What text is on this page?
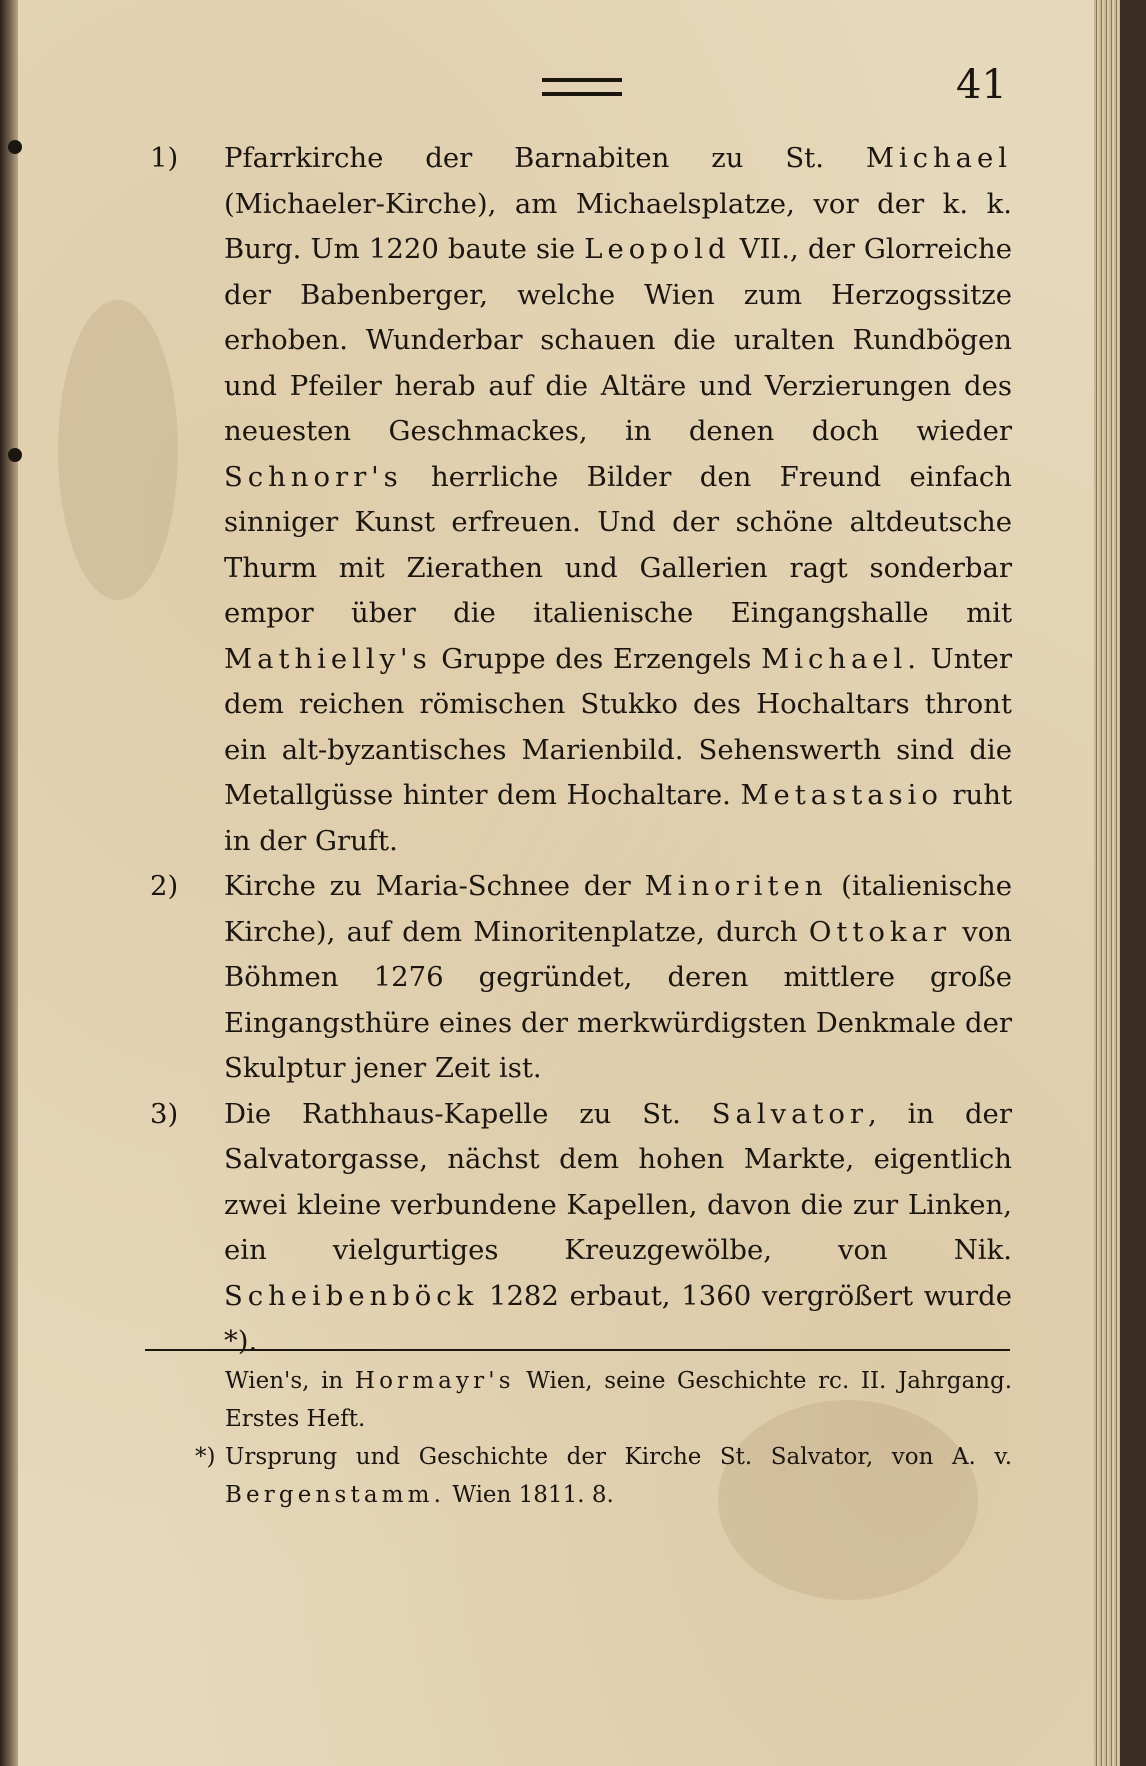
41
1)	Pfarrkirche der Barnabiten zu St. Michael (Michaeler-Kirche), am Michaelsplatze, vor der k. k. Burg. Um 1220 baute sie Leopold VII., der Glorreiche der Babenberger, welche Wien zum Herzogssitze erhoben. Wunderbar schauen die uralten Rundbögen und Pfeiler herab auf die Altäre und Verzierungen des neuesten Geschmackes, in denen doch wieder Schnorr's herrliche Bilder den Freund einfach sinniger Kunst erfreuen. Und der schöne altdeutsche Thurm mit Zierathen und Gallerien ragt sonderbar empor über die italienische Eingangshalle mit Mathielly's Gruppe des Erzengels Michael. Unter dem reichen römischen Stukko des Hochaltars thront ein alt-byzantisches Marienbild. Sehenswerth sind die Metallgüsse hinter dem Hochaltare. Metastasio ruht in der Gruft.

2)	Kirche zu Maria-Schnee der Minoriten (italienische Kirche), auf dem Minoritenplatze, durch Ottokar von Böhmen 1276 gegründet, deren mittlere große Eingangsthüre eines der merkwürdigsten Denkmale der Skulptur jener Zeit ist.

3)	Die Rathhaus-Kapelle zu St. Salvator, in der Salvatorgasse, nächst dem hohen Markte, eigentlich zwei kleine verbundene Kapellen, davon die zur Linken, ein vielgurtiges Kreuzgewölbe, von Nik. Scheibenböck 1282 erbaut, 1360 vergrößert wurde *).

Wien's, in Hormayr's Wien, seine Geschichte rc. II. Jahrgang. Erstes Heft.

*) Ursprung und Geschichte der Kirche St. Salvator, von A. v. Bergenstamm. Wien 1811. 8.
